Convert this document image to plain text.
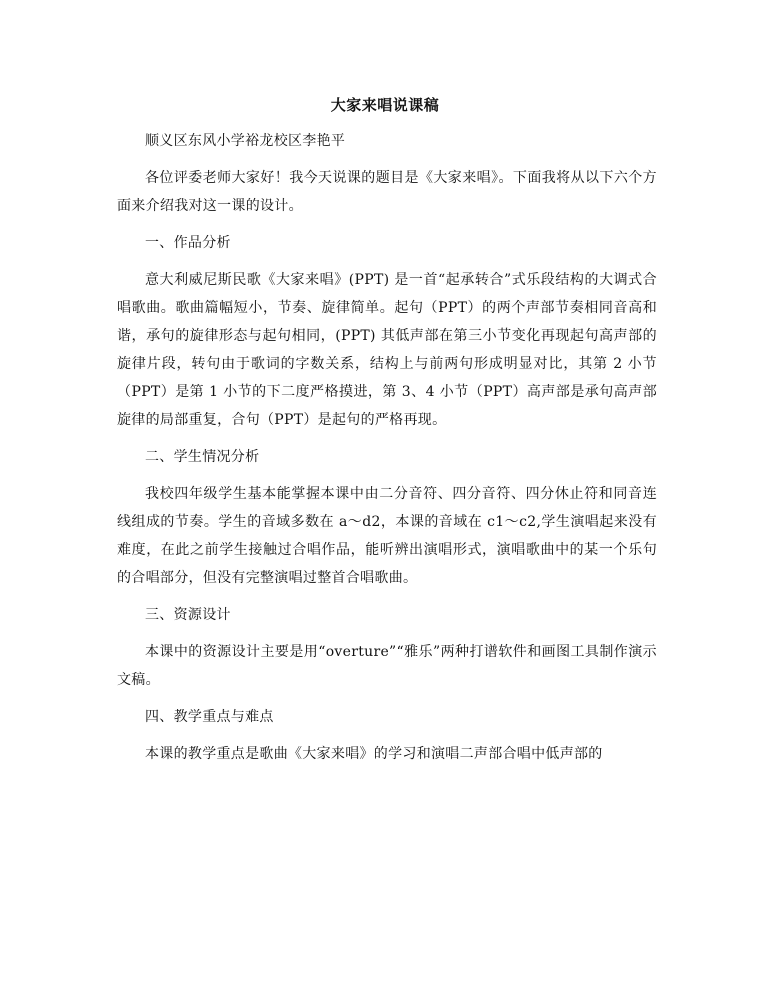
大家来唱说课稿

顺义区东风小学裕龙校区李艳平

各位评委老师大家好！我今天说课的题目是《大家来唱》。下面我将从以下六个方面来介绍我对这一课的设计。

一、作品分析

意大利威尼斯民歌《大家来唱》(PPT) 是一首“起承转合”式乐段结构的大调式合唱歌曲。歌曲篇幅短小，节奏、旋律简单。起句（PPT）的两个声部节奏相同音高和谐，承句的旋律形态与起句相同，(PPT) 其低声部在第三小节变化再现起句高声部的旋律片段，转句由于歌词的字数关系，结构上与前两句形成明显对比，其第 2 小节（PPT）是第 1 小节的下二度严格摸进，第 3、4 小节（PPT）高声部是承句高声部旋律的局部重复，合句（PPT）是起句的严格再现。

二、学生情况分析

我校四年级学生基本能掌握本课中由二分音符、四分音符、四分休止符和同音连线组成的节奏。学生的音域多数在 a～d2，本课的音域在 c1～c2,学生演唱起来没有难度，在此之前学生接触过合唱作品，能听辨出演唱形式，演唱歌曲中的某一个乐句的合唱部分，但没有完整演唱过整首合唱歌曲。

三、资源设计

本课中的资源设计主要是用“overture”“雅乐”两种打谱软件和画图工具制作演示文稿。

四、教学重点与难点

本课的教学重点是歌曲《大家来唱》的学习和演唱二声部合唱中低声部的
